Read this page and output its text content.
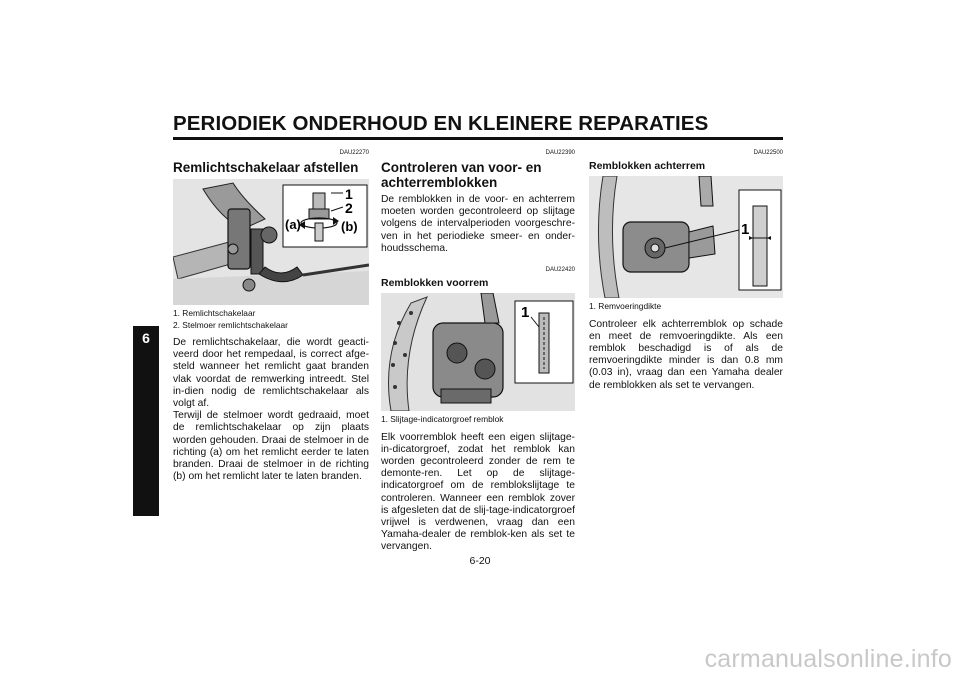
PERIODIEK ONDERHOUD EN KLEINERE REPARATIES
6
DAU22270
Remlichtschakelaar afstellen
1
2
(a)	(b)
1. Remlichtschakelaar
2. Stelmoer remlichtschakelaar

De remlichtschakelaar, die wordt geacti-veerd door het rempedaal, is correct afge-steld wanneer het remlicht gaat branden vlak voordat de remwerking intreedt. Stel in-dien nodig de remlichtschakelaar als volgt af.

Terwijl de stelmoer wordt gedraaid, moet de remlichtschakelaar op zijn plaats worden gehouden. Draai de stelmoer in de richting (a) om het remlicht eerder te laten branden. Draai de stelmoer in de richting (b) om het remlicht later te laten branden.

DAU22390
Controleren van voor- en achterremblokken

De remblokken in de voor- en achterrem moeten worden gecontroleerd op slijtage volgens de intervalperioden voorgeschre-ven in het periodieke smeer- en onder-houdsschema.

DAU22420
Remblokken voorrem
1
1. Slijtage-indicatorgroef remblok

Elk voorremblok heeft een eigen slijtage-in-dicatorgroef, zodat het remblok kan worden gecontroleerd zonder de rem te demonte-ren. Let op de slijtage-indicatorgroef om de remblokslijtage te controleren. Wanneer een remblok zover is afgesleten dat de slij-tage-indicatorgroef vrijwel is verdwenen, vraag dan een Yamaha-dealer de remblok-ken als set te vervangen.

DAU22500
Remblokken achterrem
1
1. Remvoeringdikte

Controleer elk achterremblok op schade en meet de remvoeringdikte. Als een remblok beschadigd is of als de remvoeringdikte minder is dan 0.8 mm (0.03 in), vraag dan een Yamaha dealer de remblokken als set te vervangen.

6-20
carmanualsonline.info
